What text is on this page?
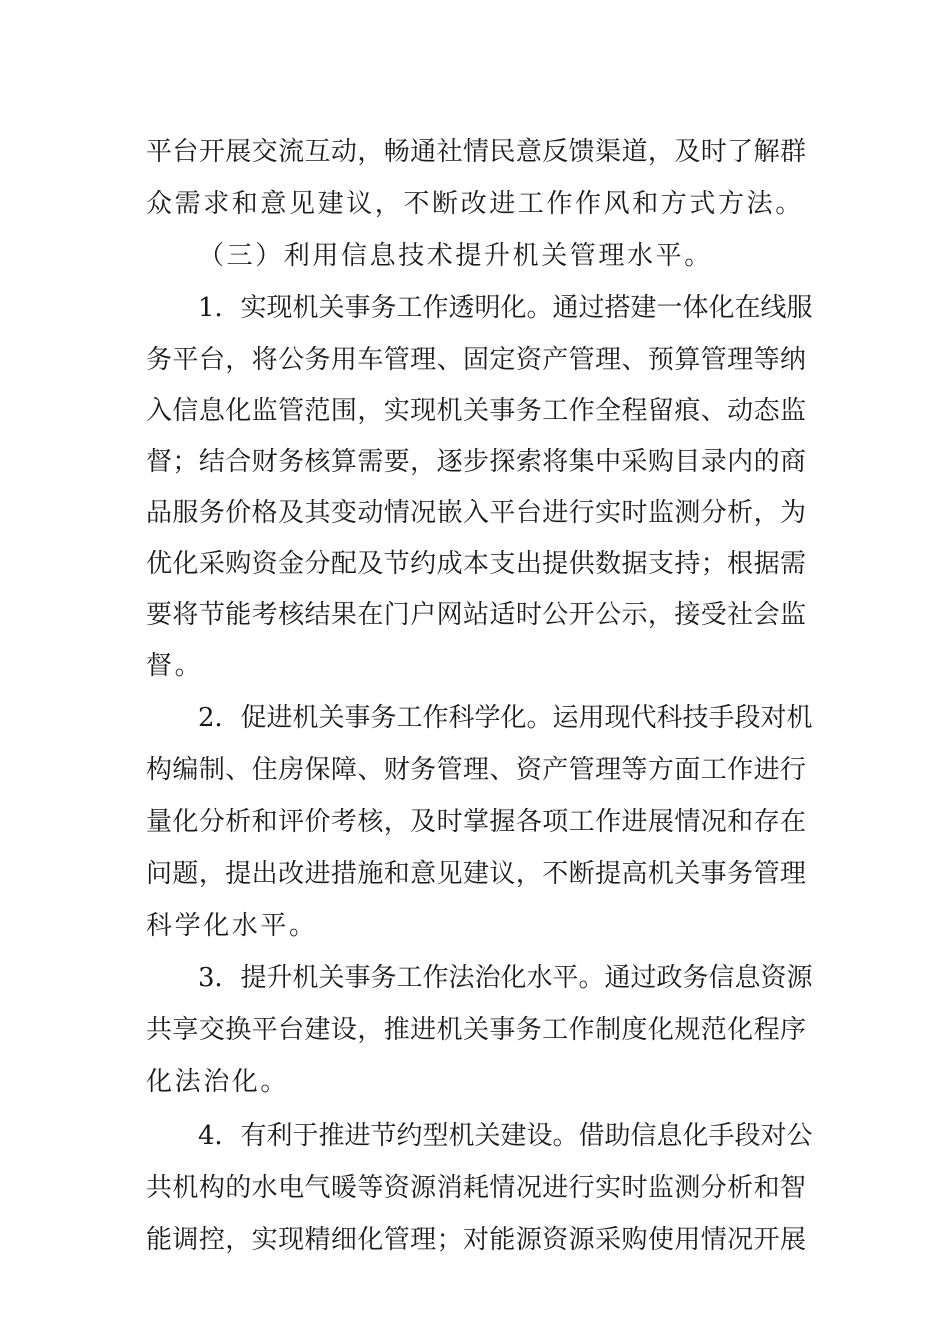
平台开展交流互动，畅通社情民意反馈渠道，及时了解群
众需求和意见建议，不断改进工作作风和方式方法。
（三）利用信息技术提升机关管理水平。
1．实现机关事务工作透明化。通过搭建一体化在线服
务平台，将公务用车管理、固定资产管理、预算管理等纳
入信息化监管范围，实现机关事务工作全程留痕、动态监
督；结合财务核算需要，逐步探索将集中采购目录内的商
品服务价格及其变动情况嵌入平台进行实时监测分析，为
优化采购资金分配及节约成本支出提供数据支持；根据需
要将节能考核结果在门户网站适时公开公示，接受社会监
督。
2．促进机关事务工作科学化。运用现代科技手段对机
构编制、住房保障、财务管理、资产管理等方面工作进行
量化分析和评价考核，及时掌握各项工作进展情况和存在
问题，提出改进措施和意见建议，不断提高机关事务管理
科学化水平。
3．提升机关事务工作法治化水平。通过政务信息资源
共享交换平台建设，推进机关事务工作制度化规范化程序
化法治化。
4．有利于推进节约型机关建设。借助信息化手段对公
共机构的水电气暖等资源消耗情况进行实时监测分析和智
能调控，实现精细化管理；对能源资源采购使用情况开展
